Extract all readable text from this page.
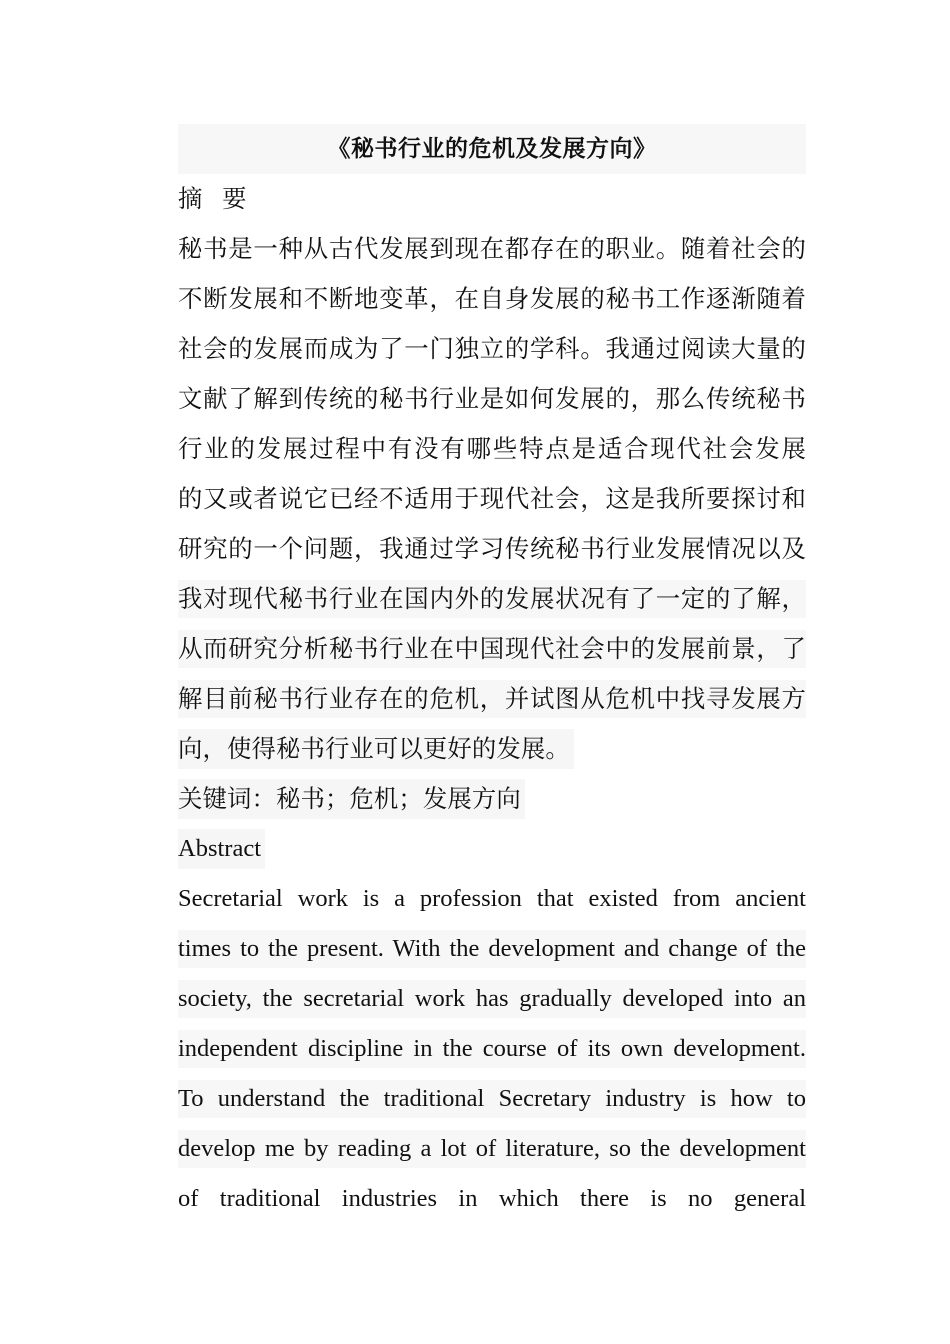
《秘书行业的危机及发展方向》
摘 要
秘书是一种从古代发展到现在都存在的职业。随着社会的
不断发展和不断地变革，在自身发展的秘书工作逐渐随着
社会的发展而成为了一门独立的学科。我通过阅读大量的
文献了解到传统的秘书行业是如何发展的，那么传统秘书
行业的发展过程中有没有哪些特点是适合现代社会发展
的又或者说它已经不适用于现代社会，这是我所要探讨和
研究的一个问题，我通过学习传统秘书行业发展情况以及
我对现代秘书行业在国内外的发展状况有了一定的了解，
从而研究分析秘书行业在中国现代社会中的发展前景，了
解目前秘书行业存在的危机，并试图从危机中找寻发展方
向，使得秘书行业可以更好的发展。
关键词：秘书；危机；发展方向
Abstract
Secretarial work is a profession that existed from ancient
times to the present. With the development and change of the
society, the secretarial work has gradually developed into an
independent discipline in the course of its own development.
To understand the traditional Secretary industry is how to
develop me by reading a lot of literature, so the development
of traditional industries in which there is no general
